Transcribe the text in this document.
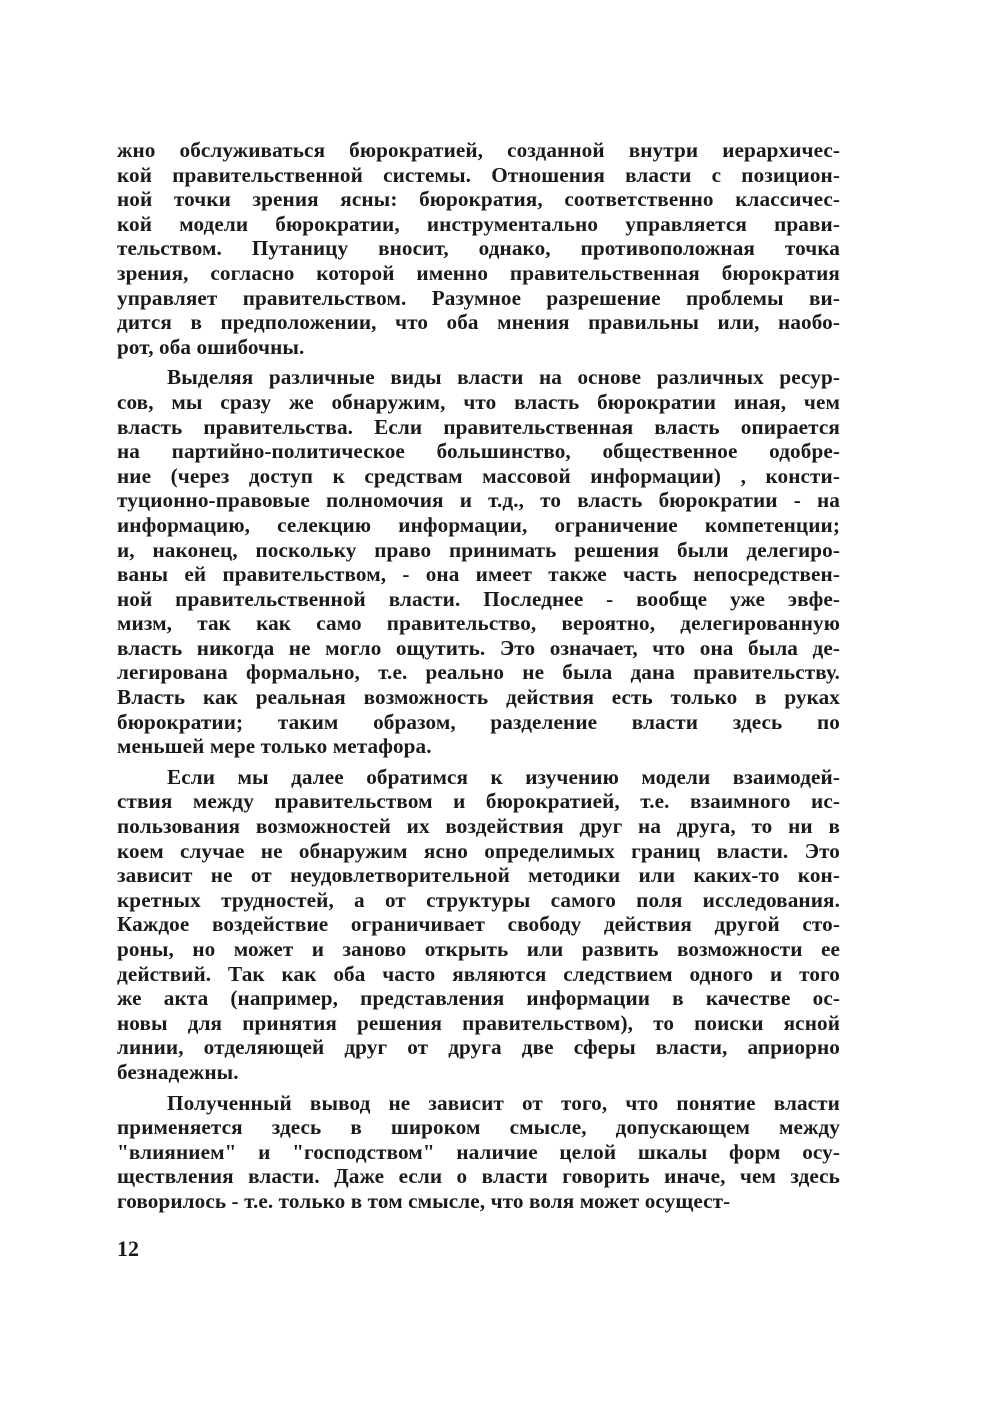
жно обслуживаться бюрократией, созданной внутри иерархичес-
кой правительственной системы. Отношения власти с позицион-
ной точки зрения ясны: бюрократия, соответственно классичес-
кой модели бюрократии, инструментально управляется прави-
тельством. Путаницу вносит, однако, противоположная точка
зрения, согласно которой именно правительственная бюрократия
управляет правительством. Разумное разрешение проблемы ви-
дится в предположении, что оба мнения правильны или, наобо-
рот, оба ошибочны.
Выделяя различные виды власти на основе различных ресур-
сов, мы сразу же обнаружим, что власть бюрократии иная, чем
власть правительства. Если правительственная власть опирается
на партийно-политическое большинство, общественное одобре-
ние (через доступ к средствам массовой информации) , консти-
туционно-правовые полномочия и т.д., то власть бюрократии - на
информацию, селекцию информации, ограничение компетенции;
и, наконец, поскольку право принимать решения были делегиро-
ваны ей правительством, - она имеет также часть непосредствен-
ной правительственной власти. Последнее - вообще уже эвфе-
мизм, так как само правительство, вероятно, делегированную
власть никогда не могло ощутить. Это означает, что она была де-
легирована формально, т.е. реально не была дана правительству.
Власть как реальная возможность действия есть только в руках
бюрократии; таким образом, разделение власти здесь по
меньшей мере только метафора.
Если мы далее обратимся к изучению модели взаимодей-
ствия между правительством и бюрократией, т.е. взаимного ис-
пользования возможностей их воздействия друг на друга, то ни в
коем случае не обнаружим ясно определимых границ власти. Это
зависит не от неудовлетворительной методики или каких-то кон-
кретных трудностей, а от структуры самого поля исследования.
Каждое воздействие ограничивает свободу действия другой сто-
роны, но может и заново открыть или развить возможности ее
действий. Так как оба часто являются следствием одного и того
же акта (например, представления информации в качестве ос-
новы для принятия решения правительством), то поиски ясной
линии, отделяющей друг от друга две сферы власти, априорно
безнадежны.
Полученный вывод не зависит от того, что понятие власти
применяется здесь в широком смысле, допускающем между
"влиянием" и "господством" наличие целой шкалы форм осу-
ществления власти. Даже если о власти говорить иначе, чем здесь
говорилось - т.е. только в том смысле, что воля может осущест-
12
